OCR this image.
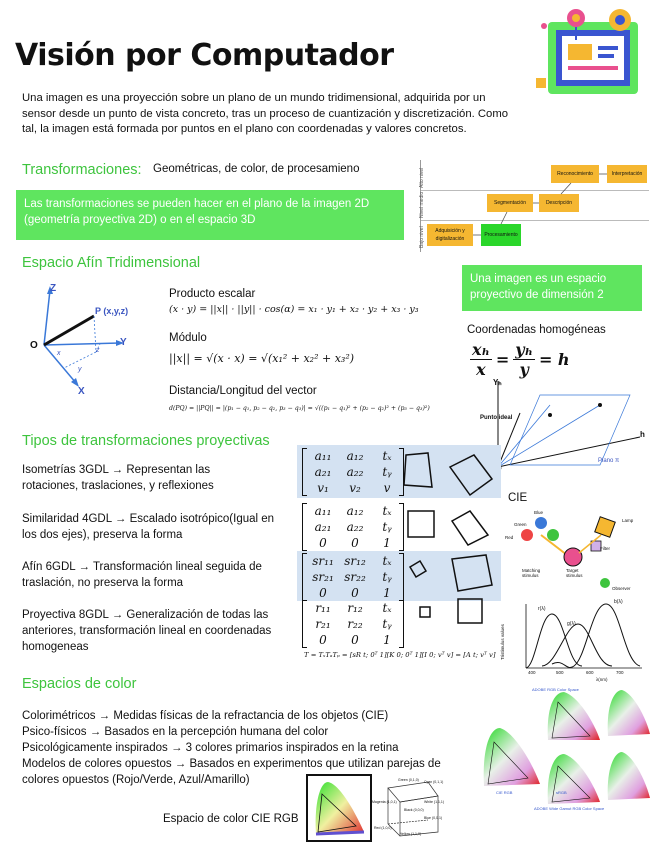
Visión por Computador
Una imagen es una proyección sobre un plano de un mundo tridimensional, adquirida por un sensor desde un punto de vista concreto, tras un proceso de cuantización y discretización. Como tal, la imagen está formada por puntos en el plano con coordenadas y valores concretos.
Transformaciones: Geométricas, de color, de procesamieno
Las transformaciones se pueden hacer en el plano de la imagen 2D (geometría proyectiva 2D) o en el espacio 3D
Alto nivel
Nivel medio
Bajo nivel
Reconocimiento	Interpretación
Segmentación	Descripción
Adquisición y digitalización
Procesamiento
Espacio Afín Tridimensional
Z
Y
X
O
P (x,y,z)
x
y
z
Producto escalar
(x · y) = ||x|| · ||y|| · cos(α) = x₁ · y₁ + x₂ · y₂ + x₃ · y₃
Módulo
||x|| = √(x · x) = √(x₁² + x₂² + x₃²)
Distancia/Longitud del vector
d(PQ) = ||PQ|| = |(p₁ − q₁, p₂ − q₂, p₃ − q₃)| = √((p₁ − q₁)² + (p₂ − q₂)² + (p₃ − q₃)²)
Una imagen es un espacio proyectivo de dimensión 2
Coordenadas homogéneas
$\frac{\text{xₕ}}{x} = \frac{\text{yₕ}}{y} = h$
Yₕ
h
Punto ideal
Plano π
Tipos de transformaciones proyectivas
Isometrías 3GDL → Representan las rotaciones, traslaciones, y reflexiones
Similaridad 4GDL → Escalado isotrópico(Igual en los dos ejes), preserva la forma
Afín 6GDL → Transformación lineal seguida de traslación, no preserva la forma
Proyectiva 8GDL → Generalización de todas las anteriores, transformación lineal en coordenadas homogeneas
a₁₁	a₁₂	tₓ
a₂₁	a₂₂	tᵧ
v₁	v₂	v
a₁₁	a₁₂	tₓ
a₂₁	a₂₂	tᵧ
0	0	1
sr₁₁ sr₁₂	tₓ
sr₂₁ sr₂₂	tᵧ
0	0	1
r₁₁	r₁₂	tₓ
r₂₁	r₂₂	tᵧ
0	0	1
T = TₛTₐTₚ = [sR t; 0ᵀ 1][K 0; 0ᵀ 1][I 0; vᵀ v] = [A t; vᵀ v]
CIE
Green
Blue
Red
Lamp
Filter
Matching stimulus
Target stimulus
Observer
r(λ)
g(λ)
b(λ)
Tristimulus values
400	500	600	700
λ(nm)
Espacios de color
Colorimétricos → Medidas físicas de la refractancia de los objetos (CIE)
Psico-físicos → Basados en la percepción humana del color
Psicológicamente inspirados → 3 colores primarios inspirados en la retina
Modelos de colores opuestos → Basados en experimentos que utilizan parejas de colores opuestos (Rojo/Verde, Azul/Amarillo)
Espacio de color CIE RGB
Cyan (0,1,1)
Green (0,1,0)
Magenta (1,0,1)	White (1,1,1)
Black (0,0,0)
Blue (0,0,1)
Red (1,0,0)
Yellow (1,1,0)
ADOBE RGB Color Space
CIE RGB	sRGB
ADOBE Wide Gamut RGB Color Space
